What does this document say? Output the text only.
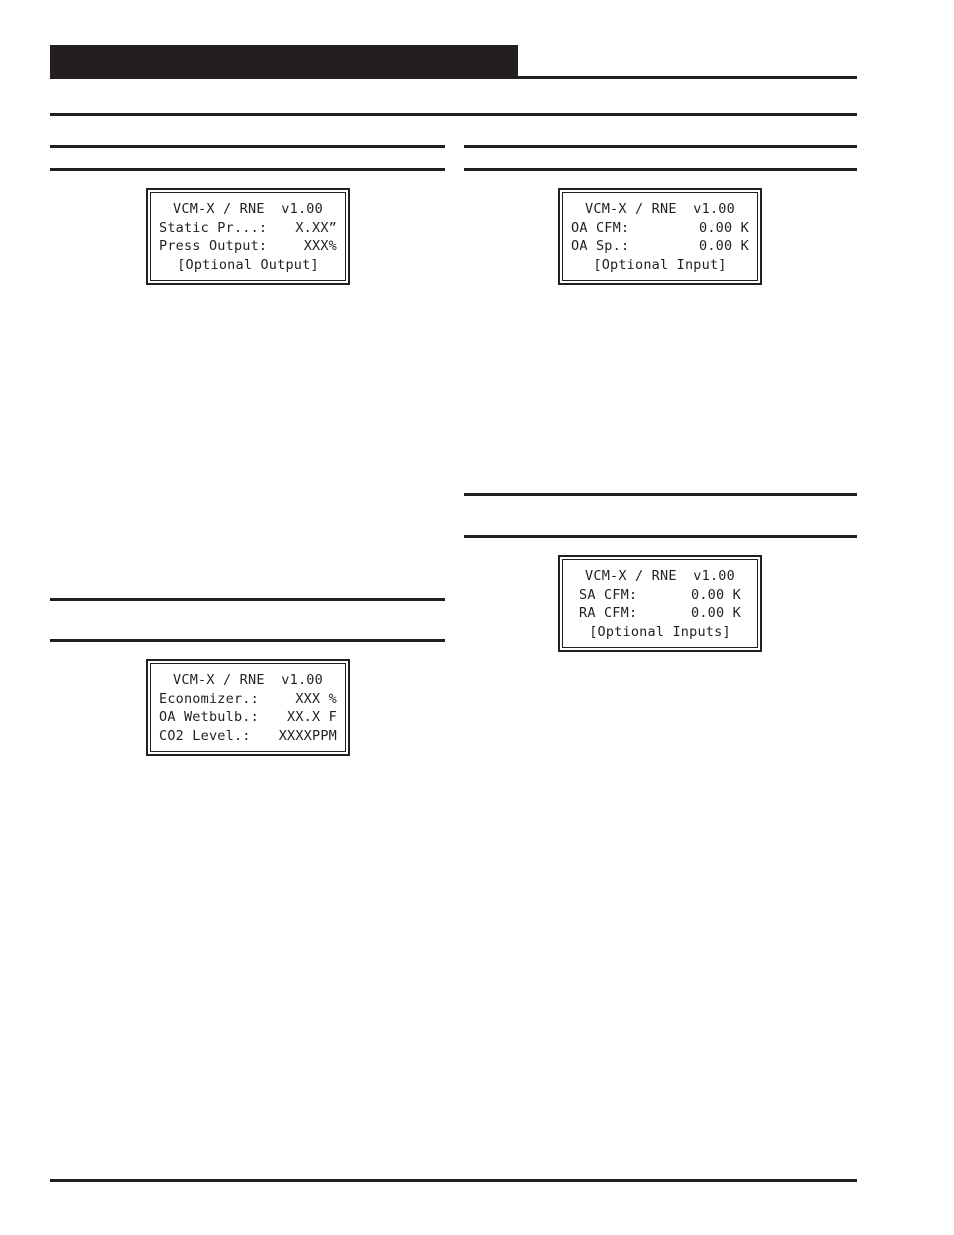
VCM-X / RNE  v1.00
Static Pr...: X.XX”
Press Output:	XXX%
[Optional Output]
VCM-X / RNE  v1.00
OA CFM:	0.00 K
OA Sp.:	0.00 K
[Optional Input]
VCM-X / RNE  v1.00
SA CFM:	0.00 K
RA CFM:	0.00 K
[Optional Inputs]
VCM-X / RNE  v1.00
Economizer.:	XXX %
OA Wetbulb.: XX.X F
CO2 Level.: XXXXPPM
